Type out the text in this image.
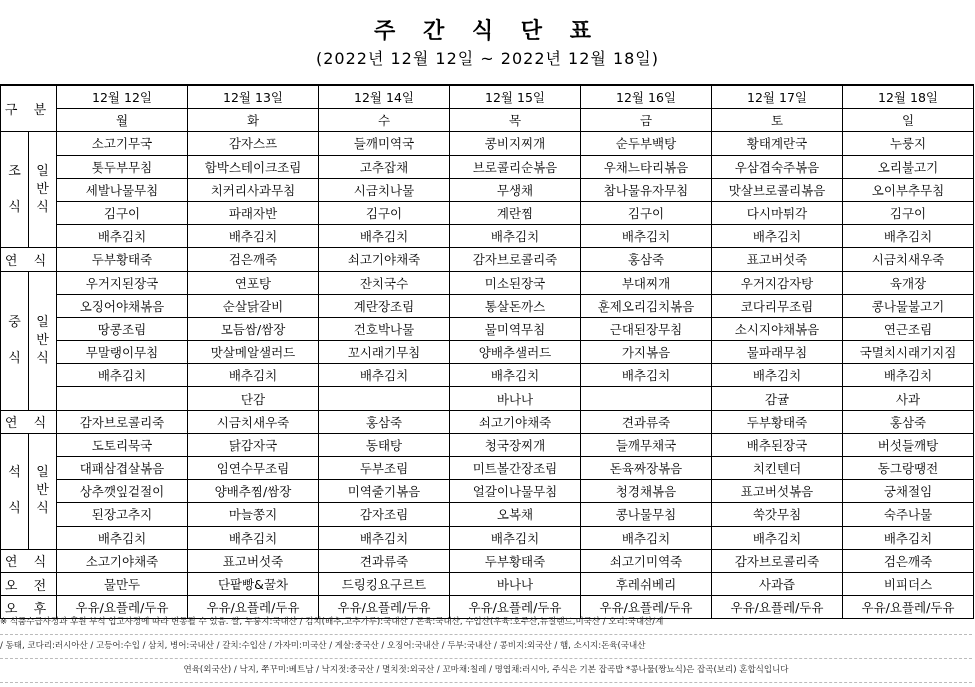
주 간 식 단 표
(2022년 12월 12일 ~ 2022년 12월 18일)
구 분		12월 12일	12월 13일	12월 14일	12월 15일	12월 16일	12월 17일	12월 18일
		월	화	수	목	금	토	일
조

식	일
반
식	소고기무국	감자스프	들깨미역국	콩비지찌개	순두부백탕	황태계란국	누룽지
		톳두부무침	함박스테이크조림	고추잡채	브로콜리순볶음	우채느타리볶음	우삼겹숙주볶음	오리불고기
		세발나물무침	치커리사과무침	시금치나물	무생채	참나물유자무침	맛살브로콜리볶음	오이부추무침
		김구이	파래자반	김구이	계란찜	김구이	다시마튀각	김구이
		배추김치	배추김치	배추김치	배추김치	배추김치	배추김치	배추김치
연 식		두부황태죽	검은깨죽	쇠고기야채죽	감자브로콜리죽	홍삼죽	표고버섯죽	시금치새우죽
중

식	일
반
식	우거지된장국	연포탕	잔치국수	미소된장국	부대찌개	우거지감자탕	육개장
		오징어야채볶음	순살닭갈비	계란장조림	통살돈까스	훈제오리김치볶음	코다리무조림	콩나물불고기
		땅콩조림	모듬쌈/쌈장	건호박나물	물미역무침	근대된장무침	소시지야채볶음	연근조림
		무말랭이무침	맛살메알샐러드	꼬시래기무침	양배추샐러드	가지볶음	물파래무침	국멸치시래기지짐
		배추김치	배추김치	배추김치	배추김치	배추김치	배추김치	배추김치
			단감		바나나		감귤	사과
연 식		감자브로콜리죽	시금치새우죽	홍삼죽	쇠고기야채죽	견과류죽	두부황태죽	홍삼죽
석

식	일
반
식	도토리묵국	닭감자국	동태탕	청국장찌개	들깨무채국	배추된장국	버섯들깨탕
		대패삼겹살볶음	임연수무조림	두부조림	미트볼간장조림	돈육짜장볶음	치킨텐더	동그랑땡전
		상추깻잎겉절이	양배추찜/쌈장	미역줄기볶음	얼갈이나물무침	청경채볶음	표고버섯볶음	궁채절임
		된장고추지	마늘쫑지	감자조림	오복채	콩나물무침	쑥갓무침	숙주나물
		배추김치	배추김치	배추김치	배추김치	배추김치	배추김치	배추김치
연 식		소고기야채죽	표고버섯죽	견과류죽	두부황태죽	쇠고기미역죽	감자브로콜리죽	검은깨죽
오 전		물만두	단팥빵&꿀차	드링킹요구르트	바나나	후레쉬베리	사과즙	비피더스
오 후		우유/요플레/두유	우유/요플레/두유	우유/요플레/두유	우유/요플레/두유	우유/요플레/두유	우유/요플레/두유	우유/요플레/두유
※ 식품수급사정과 후원 부식 입고사정에 따라 변동될 수 있음. 쌀, 누룽지:국내산 / 김치(배추,고추가루):국내산 / 돈육:국내산, 수입산(우육:호주산,뉴질랜드,미국산 / 오리:국내산/계
/ 동태, 코다리:러시아산 / 고등어:수입 / 삼치, 병어:국내산 / 갈치:수입산 / 가자미:미국산 / 게살:중국산 / 오징어:국내산 / 두부:국내산 / 콩비지:외국산 / 햄, 소시지:돈육(국내산
연육(외국산) / 낙지, 쭈꾸미:베트남 / 낙지젓:중국산 / 멸치젓:외국산 / 꼬마채:칠레 / 명엽채:러시아, 주식은 기본 잡곡밥 *콩나물(짱뇨식)은 잡곡(보리) 혼합식입니다
